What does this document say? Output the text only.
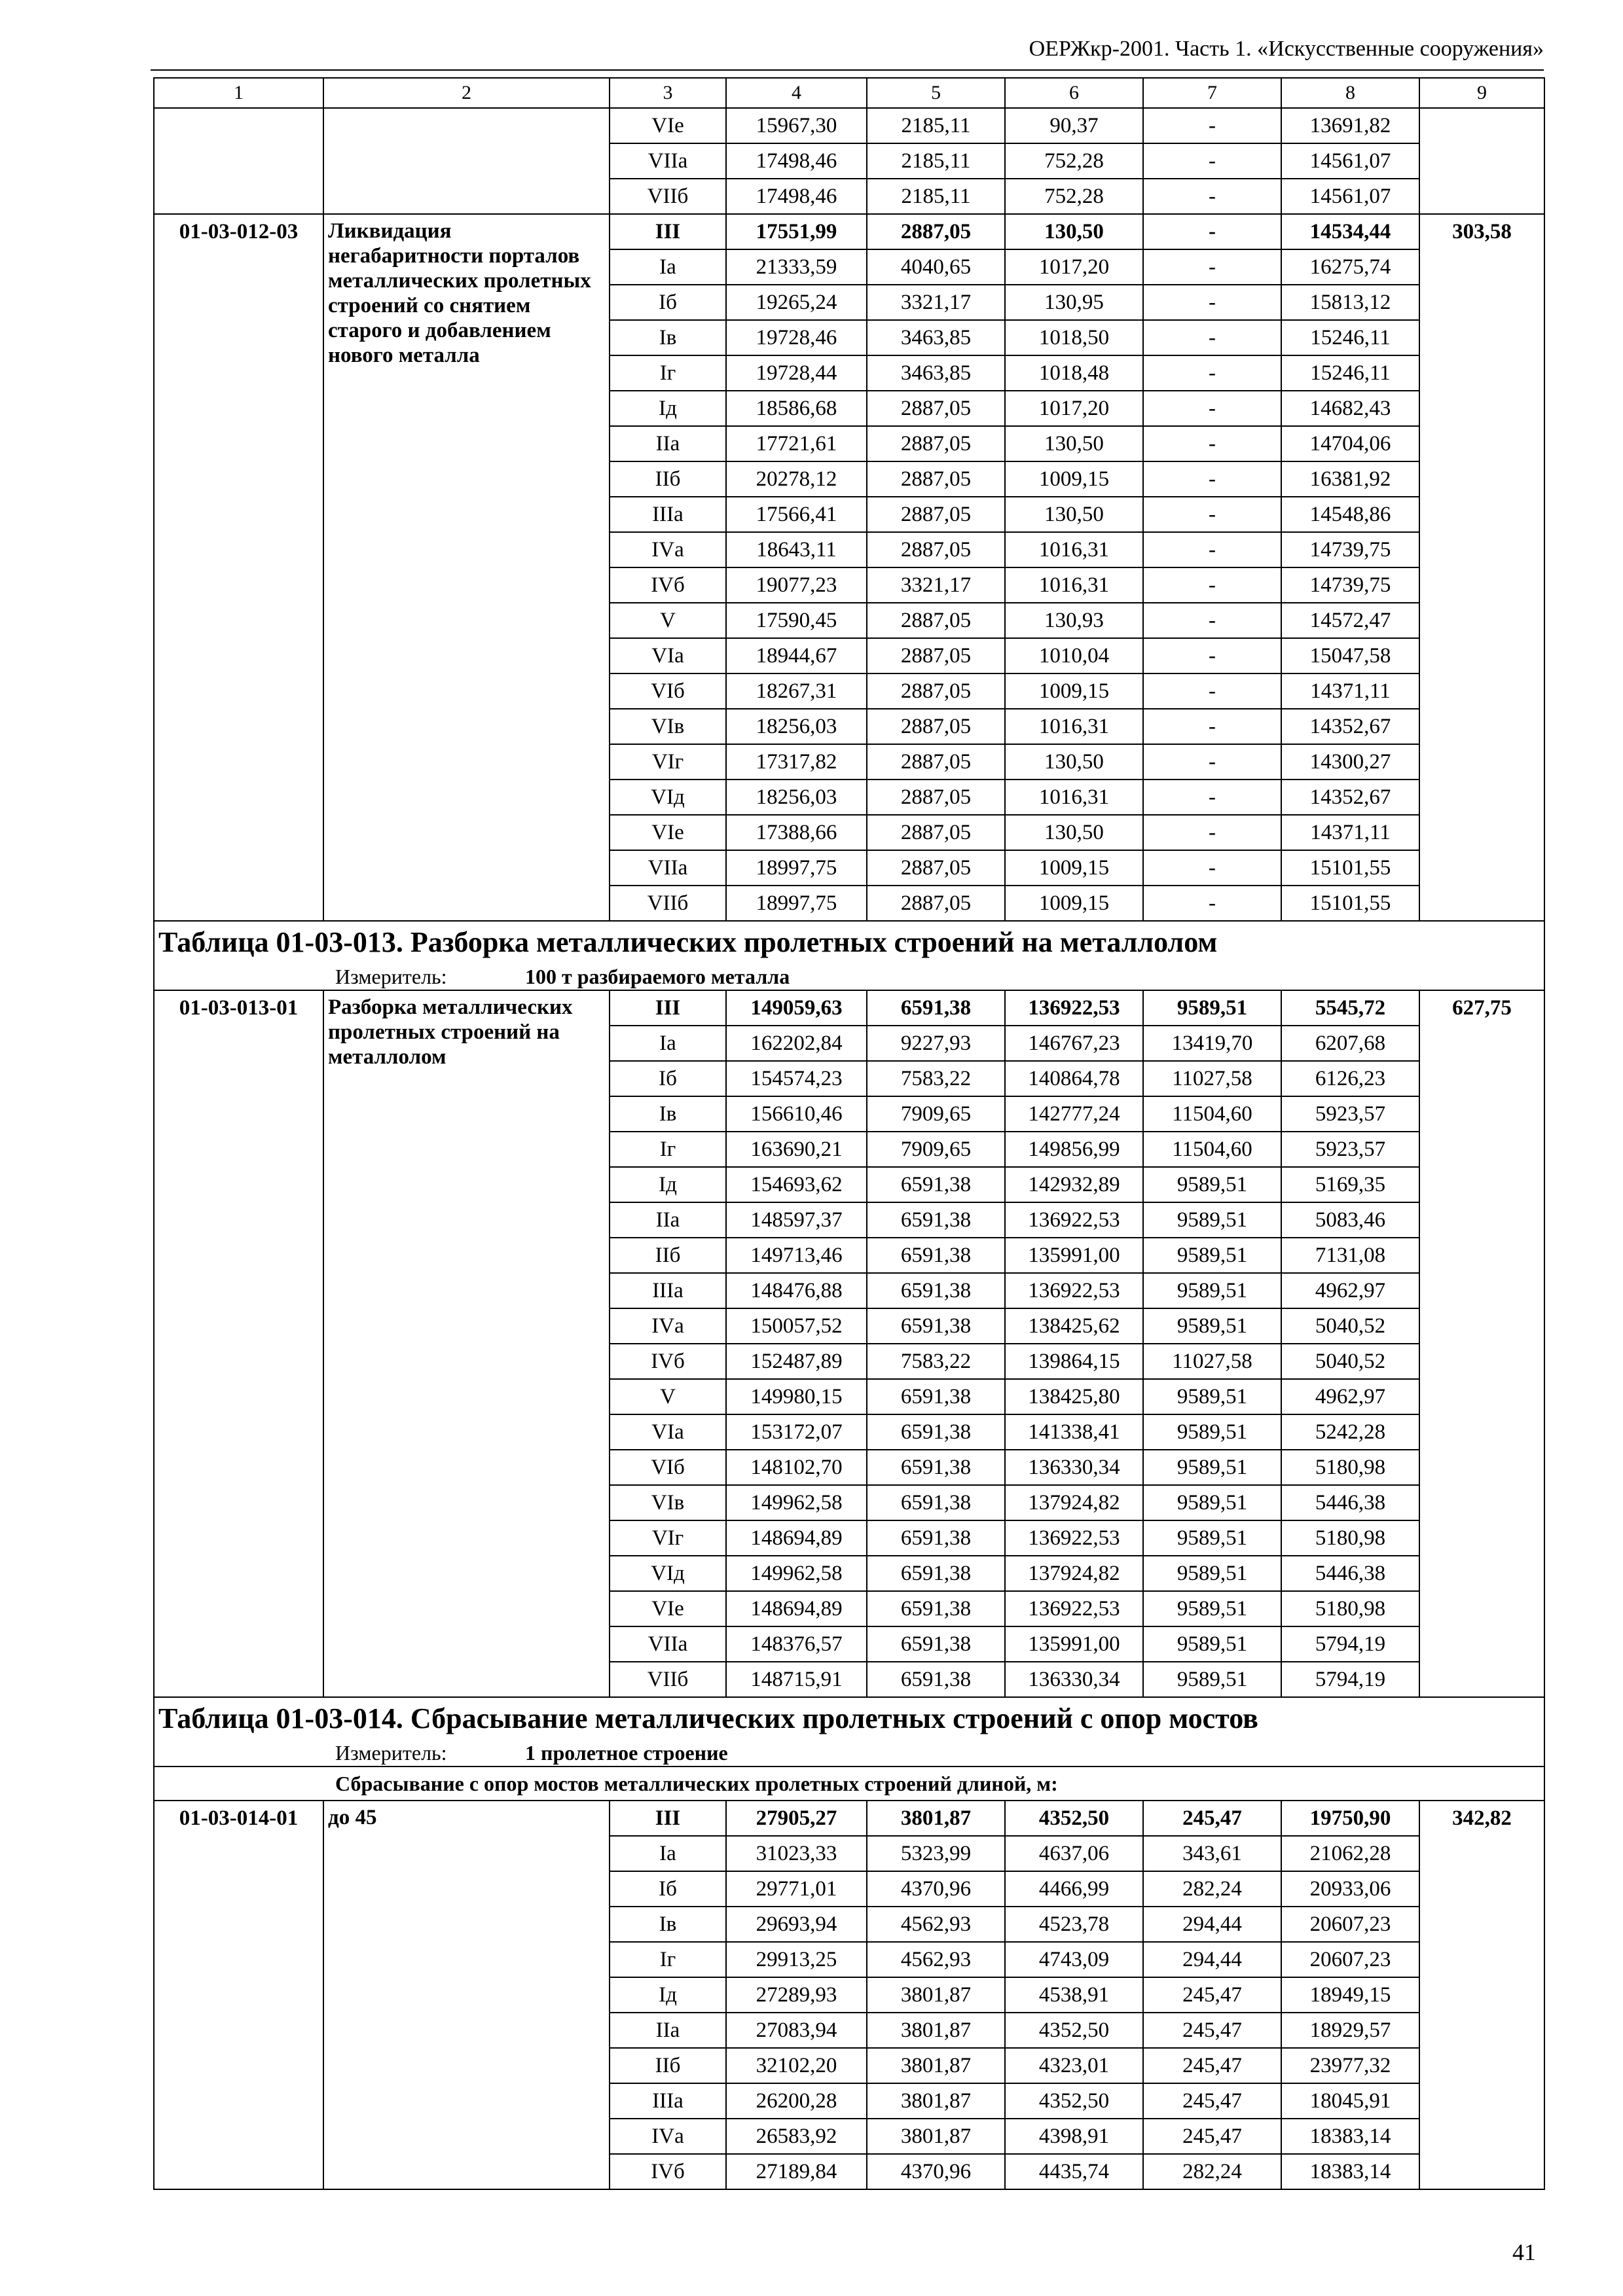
ОЕРЖкр-2001. Часть 1. «Искусственные сооружения»
1	2	3	4	5	6	7	8	9
		VIе	15967,30	2185,11	90,37	-	13691,82	
		VIIа	17498,46	2185,11	752,28	-	14561,07	
		VIIб	17498,46	2185,11	752,28	-	14561,07	
01-03-012-03	Ликвидация негабаритности порталов металлических пролетных строений со снятием старого и добавлением нового металла	III	17551,99	2887,05	130,50	-	14534,44	303,58
		Iа	21333,59	4040,65	1017,20	-	16275,74	
		Iб	19265,24	3321,17	130,95	-	15813,12	
		Iв	19728,46	3463,85	1018,50	-	15246,11	
		Iг	19728,44	3463,85	1018,48	-	15246,11	
		Iд	18586,68	2887,05	1017,20	-	14682,43	
		IIа	17721,61	2887,05	130,50	-	14704,06	
		IIб	20278,12	2887,05	1009,15	-	16381,92	
		IIIа	17566,41	2887,05	130,50	-	14548,86	
		IVа	18643,11	2887,05	1016,31	-	14739,75	
		IVб	19077,23	3321,17	1016,31	-	14739,75	
		V	17590,45	2887,05	130,93	-	14572,47	
		VIа	18944,67	2887,05	1010,04	-	15047,58	
		VIб	18267,31	2887,05	1009,15	-	14371,11	
		VIв	18256,03	2887,05	1016,31	-	14352,67	
		VIг	17317,82	2887,05	130,50	-	14300,27	
		VIд	18256,03	2887,05	1016,31	-	14352,67	
		VIе	17388,66	2887,05	130,50	-	14371,11	
		VIIа	18997,75	2887,05	1009,15	-	15101,55	
		VIIб	18997,75	2887,05	1009,15	-	15101,55	
Таблица 01-03-013. Разборка металлических пролетных строений на металлолом								
Измеритель: 100 т разбираемого металла								
01-03-013-01	Разборка металлических пролетных строений на металлолом	III	149059,63	6591,38	136922,53	9589,51	5545,72	627,75
		Iа	162202,84	9227,93	146767,23	13419,70	6207,68	
		Iб	154574,23	7583,22	140864,78	11027,58	6126,23	
		Iв	156610,46	7909,65	142777,24	11504,60	5923,57	
		Iг	163690,21	7909,65	149856,99	11504,60	5923,57	
		Iд	154693,62	6591,38	142932,89	9589,51	5169,35	
		IIа	148597,37	6591,38	136922,53	9589,51	5083,46	
		IIб	149713,46	6591,38	135991,00	9589,51	7131,08	
		IIIа	148476,88	6591,38	136922,53	9589,51	4962,97	
		IVа	150057,52	6591,38	138425,62	9589,51	5040,52	
		IVб	152487,89	7583,22	139864,15	11027,58	5040,52	
		V	149980,15	6591,38	138425,80	9589,51	4962,97	
		VIа	153172,07	6591,38	141338,41	9589,51	5242,28	
		VIб	148102,70	6591,38	136330,34	9589,51	5180,98	
		VIв	149962,58	6591,38	137924,82	9589,51	5446,38	
		VIг	148694,89	6591,38	136922,53	9589,51	5180,98	
		VIд	149962,58	6591,38	137924,82	9589,51	5446,38	
		VIе	148694,89	6591,38	136922,53	9589,51	5180,98	
		VIIа	148376,57	6591,38	135991,00	9589,51	5794,19	
		VIIб	148715,91	6591,38	136330,34	9589,51	5794,19	
Таблица 01-03-014. Сбрасывание металлических пролетных строений с опор мостов								
Измеритель: 1 пролетное строение								
Сбрасывание с опор мостов металлических пролетных строений длиной, м:								
01-03-014-01	до 45	III	27905,27	3801,87	4352,50	245,47	19750,90	342,82
		Iа	31023,33	5323,99	4637,06	343,61	21062,28	
		Iб	29771,01	4370,96	4466,99	282,24	20933,06	
		Iв	29693,94	4562,93	4523,78	294,44	20607,23	
		Iг	29913,25	4562,93	4743,09	294,44	20607,23	
		Iд	27289,93	3801,87	4538,91	245,47	18949,15	
		IIа	27083,94	3801,87	4352,50	245,47	18929,57	
		IIб	32102,20	3801,87	4323,01	245,47	23977,32	
		IIIа	26200,28	3801,87	4352,50	245,47	18045,91	
		IVа	26583,92	3801,87	4398,91	245,47	18383,14	
		IVб	27189,84	4370,96	4435,74	282,24	18383,14	
41
